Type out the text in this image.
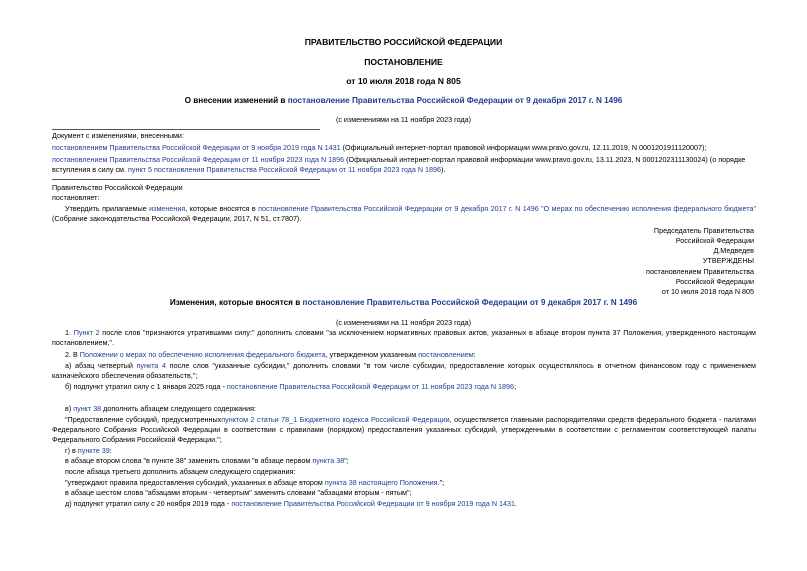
ПРАВИТЕЛЬСТВО РОССИЙСКОЙ ФЕДЕРАЦИИ
ПОСТАНОВЛЕНИЕ
от 10 июля 2018 года N 805
О внесении изменений в постановление Правительства Российской Федерации от 9 декабря 2017 г. N 1496
(с изменениями на 11 ноября 2023 года)
Документ с изменениями, внесенными:
постановлением Правительства Российской Федерации от 9 ноября 2019 года N 1431 (Официальный интернет-портал правовой информации www.pravo.gov.ru, 12.11.2019, N 0001201911120007);
постановлением Правительства Российской Федерации от 11 ноября 2023 года N 1896 (Официальный интернет-портал правовой информации www.pravo.gov.ru, 13.11.2023, N 0001202311130024) (о порядке
вступления в силу см. пункт 5 постановления Правительства Российской Федерации от 11 ноября 2023 года N 1896).
Правительство Российской Федерации
постановляет:
Утвердить прилагаемые изменения, которые вносятся в постановление Правительства Российской Федерации от 9 декабря 2017 г. N 1496 "О мерах по обеспечению исполнения федерального бюджета" (Собрание законодательства Российской Федерации, 2017, N 51, ст.7807).
Председатель Правительства
Российской Федерации
Д.Медведев
УТВЕРЖДЕНЫ
постановлением Правительства
Российской Федерации
от 10 июля 2018 года N 805
Изменения, которые вносятся в постановление Правительства Российской Федерации от 9 декабря 2017 г. N 1496
(с изменениями на 11 ноября 2023 года)
1. Пункт 2 после слов "признаются утратившими силу:" дополнить словами "за исключением нормативных правовых актов, указанных в абзаце втором пункта 37 Положения, утвержденного настоящим постановлением,".
2. В Положении о мерах по обеспечению исполнения федерального бюджета, утвержденном указанным постановлением:
а) абзац четвертый пункта 4 после слов "указанные субсидии," дополнить словами "в том числе субсидии, предоставление которых осуществлялось в отчетном финансовом году с применением казначейского обеспечения обязательств,";
б) подпункт утратил силу с 1 января 2025 года - постановление Правительства Российской Федерации от 11 ноября 2023 года N 1896;
в) пункт 38 дополнить абзацем следующего содержания:
"Предоставление субсидий, предусмотренныхпунктом 2 статьи 78_1 Бюджетного кодекса Российской Федерации, осуществляется главными распорядителями средств федерального бюджета - палатами Федерального Собрания Российской Федерации в соответствии с правилами (порядком) предоставления указанных субсидий, утвержденными в соответствии с регламентом соответствующей палаты Федерального Собрания Российской Федерации.";
г) в пункте 39:
в абзаце втором слова "в пункте 38" заменить словами "в абзаце первом пункта 38";
после абзаца третьего дополнить абзацем следующего содержания:
"утверждают правила предоставления субсидий, указанных в абзаце втором пункта 38 настоящего Положения.";
в абзаце шестом слова "абзацами вторым - четвертым" заменить словами "абзацами вторым - пятым";
д) подпункт утратил силу с 20 ноября 2019 года - постановление Правительства Российской Федерации от 9 ноября 2019 года N 1431.
